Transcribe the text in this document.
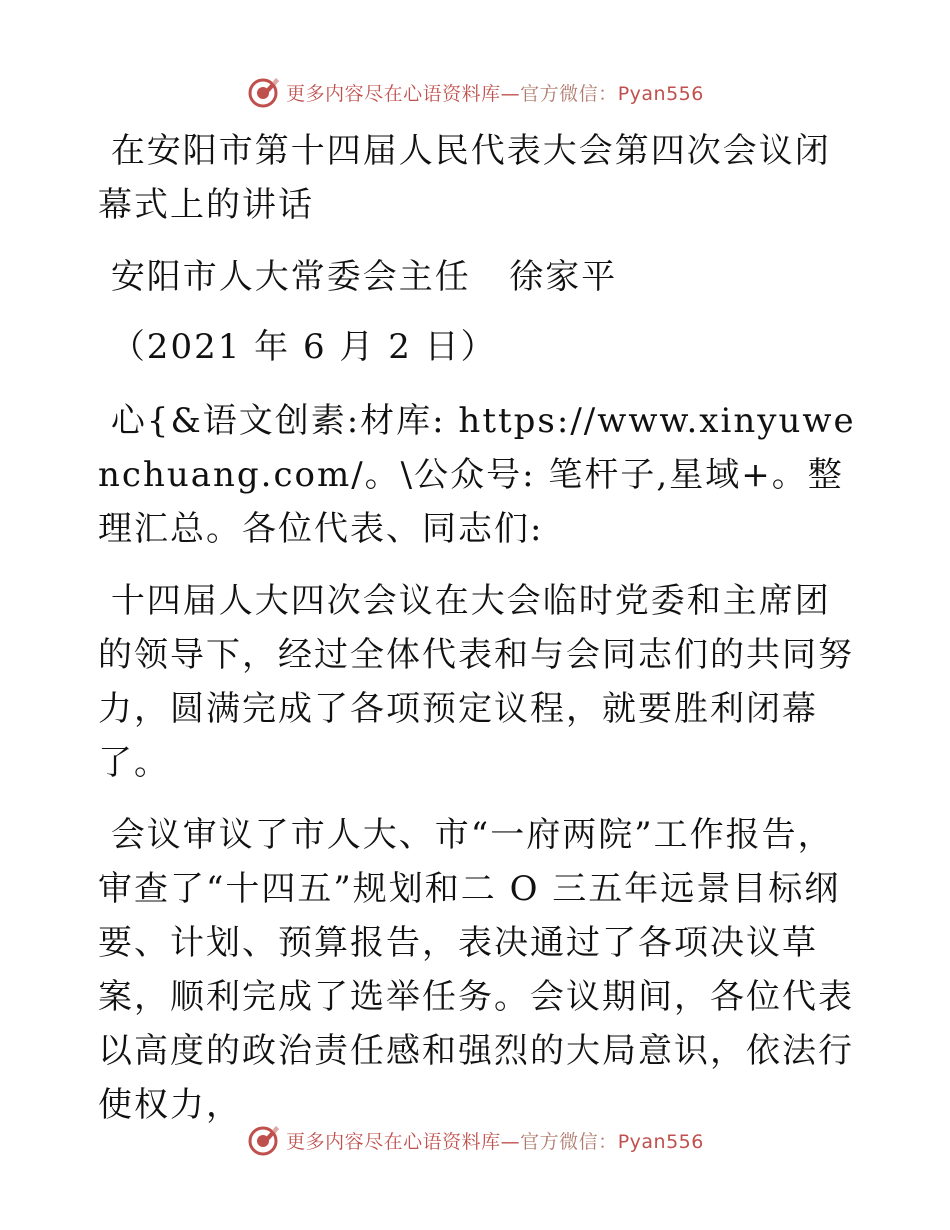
更多内容尽在心语资料库—官方微信：Pyan556

在安阳市第十四届人民代表大会第四次会议闭幕式上的讲话

安阳市人大常委会主任   徐家平

（2021 年 6 月 2 日）

心{&语文创素:材库: https://www.xinyuwenchuang.com/。\公众号: 笔杆子,星域+。整理汇总。各位代表、同志们:

十四届人大四次会议在大会临时党委和主席团的领导下，经过全体代表和与会同志们的共同努力，圆满完成了各项预定议程，就要胜利闭幕了。

会议审议了市人大、市“一府两院”工作报告，审查了“十四五”规划和二 O 三五年远景目标纲要、计划、预算报告，表决通过了各项决议草案，顺利完成了选举任务。会议期间，各位代表以高度的政治责任感和强烈的大局意识，依法行使权力，

更多内容尽在心语资料库—官方微信：Pyan556
